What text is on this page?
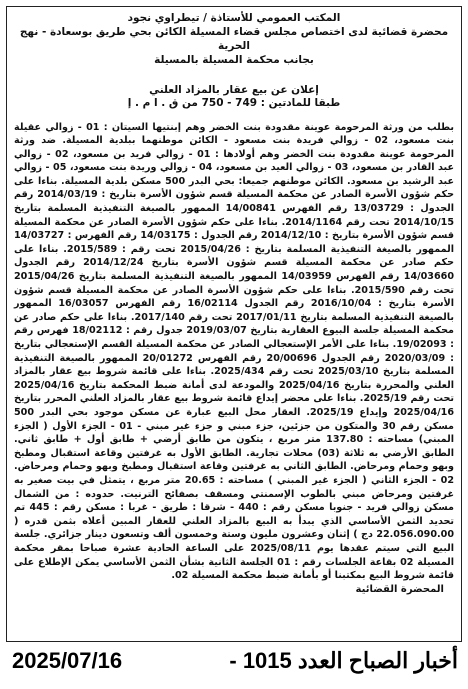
المكتب العمومي للأستاذة / تيطراوي نجود
محضرة قضائية لدى اختصاص مجلس قضاء المسيلة الكائن بحي طريق بوسعادة - نهج الحرية
بجانب محكمة المسيلة بالمسيلة
إعلان عن بيع عقار بالمزاد العلني
طبقا للمادتين : 749 - 750 من ق . ا م . إ
بطلب من ورثة المرحومة عوينة مقدودة بنت الخضر وهم إبنتيها السيتان : 01 - زوالي عقيلة بنت مسعود، 02 - زوالي فريدة بنت مسعود - الكائن موطنهما ببلدية المسيلة. ضد ورثة المرحومة عوينة مقدودة بنت الخضر وهم أولادها : 01 - زوالي فريد بن مسعود، 02 - زوالي عبد القادر بن مسعود، 03 - زوالي العيد بن مسعود، 04 - زوالي وريدة بنت مسعود، 05 - زوالي عبد الرشيد بن مسعود. الكائن موطنهم جميعا: بحي البدر 500 مسكن بلدية المسيلة. بناءا على حكم شؤون الأسرة الصادر عن محكمة المسيلة قسم شؤون الأسرة بتاريخ : 2014/03/19 رقم الجدول : 13/03729 رقم الفهرس 14/00841 الممهور بالصيغة التنفيذية المسلمة بتاريخ 2014/10/15 تحت رقم 2014/1164. بناءا على حكم شؤون الأسرة الصادر عن محكمة المسيلة قسم شؤون الأسرة بتاريخ : 2014/12/10 رقم الجدول : 14/03175 رقم الفهرس : 14/03727 الممهور بالصيغة التنفيذية المسلمة بتاريخ : 2015/04/26 تحت رقم : 2015/589. بناءا على حكم صادر عن محكمة المسيلة قسم شؤون الأسرة بتاريخ 2014/12/24 رقم الجدول 14/03660 رقم الفهرس 14/03959 الممهور بالصيغة التنفيذية المسلمة بتاريخ 2015/04/26 تحت رقم 2015/590. بناءا على حكم شؤون الأسرة الصادر عن محكمة المسيلة قسم شؤون الأسرة بتاريخ : 2016/10/04 رقم الجدول 16/02114 رقم الفهرس 16/03057 الممهور بالصيغة التنفيذية المسلمة بتاريخ 2017/01/11 تحت رقم 2017/140. بناءا على حكم صادر عن محكمة المسيلة جلسة البيوع العقارية بتاريخ 2019/03/07 جدول رقم : 18/02112 فهرس رقم : 19/02093. بناءا على الأمر الإستعجالي الصادر عن محكمة المسيلة القسم الإستعجالي بتاريخ : 2020/03/09 رقم الجدول 20/00696 رقم الفهرس 20/01272 الممهور بالصيغة التنفيذية المسلمة بتاريخ 2025/03/10 تحت رقم 2025/434. بناءا على قائمة شروط بيع عقار بالمزاد العلني والمحررة بتاريخ 2025/04/16 والمودعة لدى أمانة ضبط المحكمة بتاريخ 2025/04/16 تحت رقم 2025/19. بناءا على محضر إيداع قائمة شروط بيع عقار بالمزاد العلني المحرر بتاريخ 2025/04/16 وإيداع 2025/19. العقار محل البيع عبارة عن مسكن موجود بحي البدر 500 مسكن رقم 30 والمتكون من جزئين، جزء مبني و جزء غير مبني - 01 - الجزء الأول ( الجزء المبني) مساحته : 137.80 متر مربع ، يتكون من طابق أرضي + طابق أول + طابق ثاني. الطابق الأرضي به ثلاثة (03) محلات تجارية. الطابق الأول به غرفتين وقاعة استقبال ومطبخ وبهو وحمام ومرحاض. الطابق الثاني به غرفتين وقاعة استقبال ومطبخ وبهو وحمام ومرحاض. 02 - الجزء الثاني ( الجزء غير المبني ) مساحته : 20.65 متر مربع ، يتمثل في بيت صغير به غرفتين ومرحاض مبني بالطوب الإسمنتي ومسقف بصفائح الترنيت. حدوده : من الشمال مسكن زوالي فريد - جنوبا مسكن رقم : 440 - شرقا : طريق - غربا : مسكن رقم : 445 تم تحديد الثمن الأساسي الذي يبدأ به البيع بالمزاد العلني للعقار المبين أعلاه بثمن قدره ( 22.056.090.00 دج ) إثنان وعشرون مليون وستة وخمسون ألف وتسعون دينار جزائري. جلسة البيع التي سيتم عقدها يوم 2025/08/11 على الساعة الحادية عشرة صباحا بمقر محكمة المسيلة 02 بقاعة الجلسات رقم : 01 الجلسة الثانية بشأن الثمن الأساسي يمكن الإطلاع على قائمة شروط البيع بمكتبنا أو بأمانة ضبط محكمة المسيلة 02.
المحضرة القضائية
2025/07/16	أخبار الصباح العدد 1015 -
